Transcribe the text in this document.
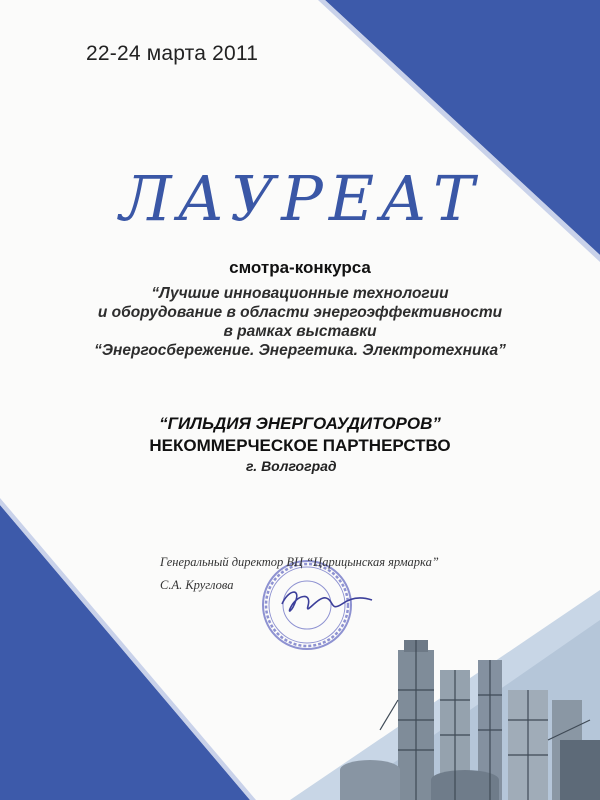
22-24 марта 2011
ЛАУРЕАТ
смотра-конкурса
“Лучшие инновационные технологии
и оборудование в области энергоэффективности
в рамках выставки
“Энергосбережение. Энергетика. Электротехника”
“ГИЛЬДИЯ ЭНЕРГОАУДИТОРОВ”
НЕКОММЕРЧЕСКОЕ ПАРТНЕРСТВО
г. Волгоград
Генеральный директор ВЦ “Царицынская ярмарка”
С.А. Круглова
